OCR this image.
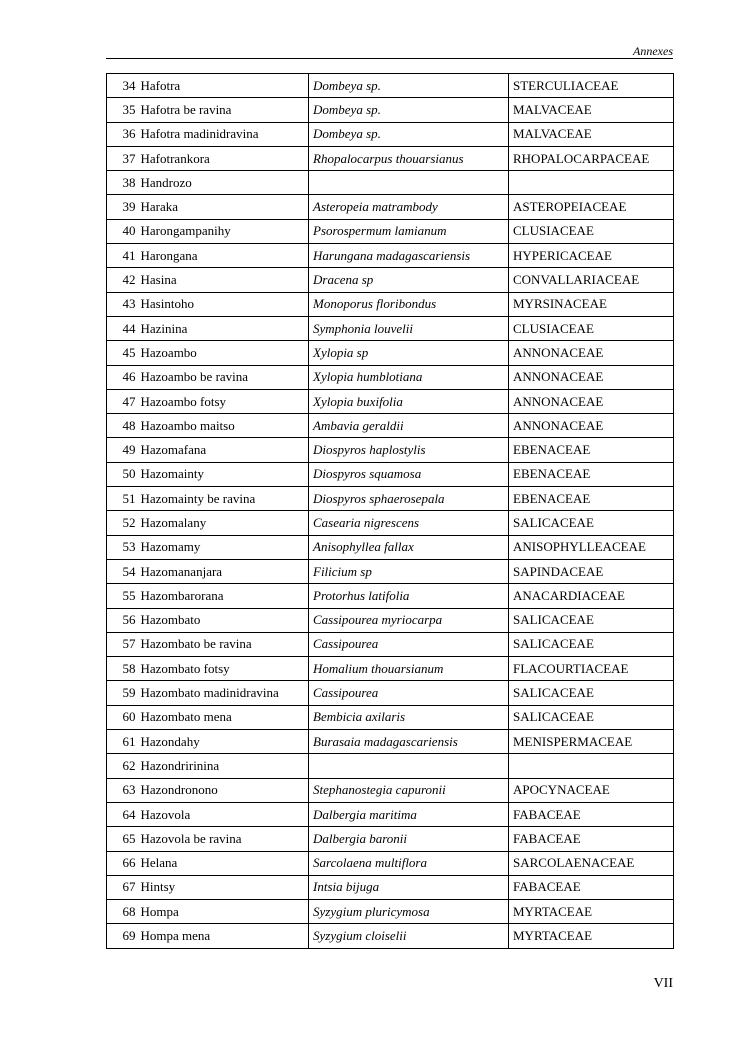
Annexes
34	Hafotra	Dombeya sp.	STERCULIACEAE
35	Hafotra be ravina	Dombeya sp.	MALVACEAE
36	Hafotra madinidravina	Dombeya sp.	MALVACEAE
37	Hafotrankora	Rhopalocarpus thouarsianus	RHOPALOCARPACEAE
38	Handrozo		
39	Haraka	Asteropeia matrambody	ASTEROPEIACEAE
40	Harongampanihy	Psorospermum lamianum	CLUSIACEAE
41	Harongana	Harungana madagascariensis	HYPERICACEAE
42	Hasina	Dracena sp	CONVALLARIACEAE
43	Hasintoho	Monoporus floribondus	MYRSINACEAE
44	Hazinina	Symphonia louvelii	CLUSIACEAE
45	Hazoambo	Xylopia sp	ANNONACEAE
46	Hazoambo be ravina	Xylopia humblotiana	ANNONACEAE
47	Hazoambo fotsy	Xylopia buxifolia	ANNONACEAE
48	Hazoambo maitso	Ambavia geraldii	ANNONACEAE
49	Hazomafana	Diospyros haplostylis	EBENACEAE
50	Hazomainty	Diospyros squamosa	EBENACEAE
51	Hazomainty be ravina	Diospyros sphaerosepala	EBENACEAE
52	Hazomalany	Casearia nigrescens	SALICACEAE
53	Hazomamy	Anisophyllea fallax	ANISOPHYLLEACEAE
54	Hazomananjara	Filicium sp	SAPINDACEAE
55	Hazombarorana	Protorhus latifolia	ANACARDIACEAE
56	Hazombato	Cassipourea myriocarpa	SALICACEAE
57	Hazombato be ravina	Cassipourea	SALICACEAE
58	Hazombato fotsy	Homalium thouarsianum	FLACOURTIACEAE
59	Hazombato madinidravina	Cassipourea	SALICACEAE
60	Hazombato mena	Bembicia axilaris	SALICACEAE
61	Hazondahy	Burasaia madagascariensis	MENISPERMACEAE
62	Hazondririnina		
63	Hazondronono	Stephanostegia capuronii	APOCYNACEAE
64	Hazovola	Dalbergia maritima	FABACEAE
65	Hazovola be ravina	Dalbergia baronii	FABACEAE
66	Helana	Sarcolaena multiflora	SARCOLAENACEAE
67	Hintsy	Intsia bijuga	FABACEAE
68	Hompa	Syzygium pluricymosa	MYRTACEAE
69	Hompa mena	Syzygium cloiselii	MYRTACEAE
VII
